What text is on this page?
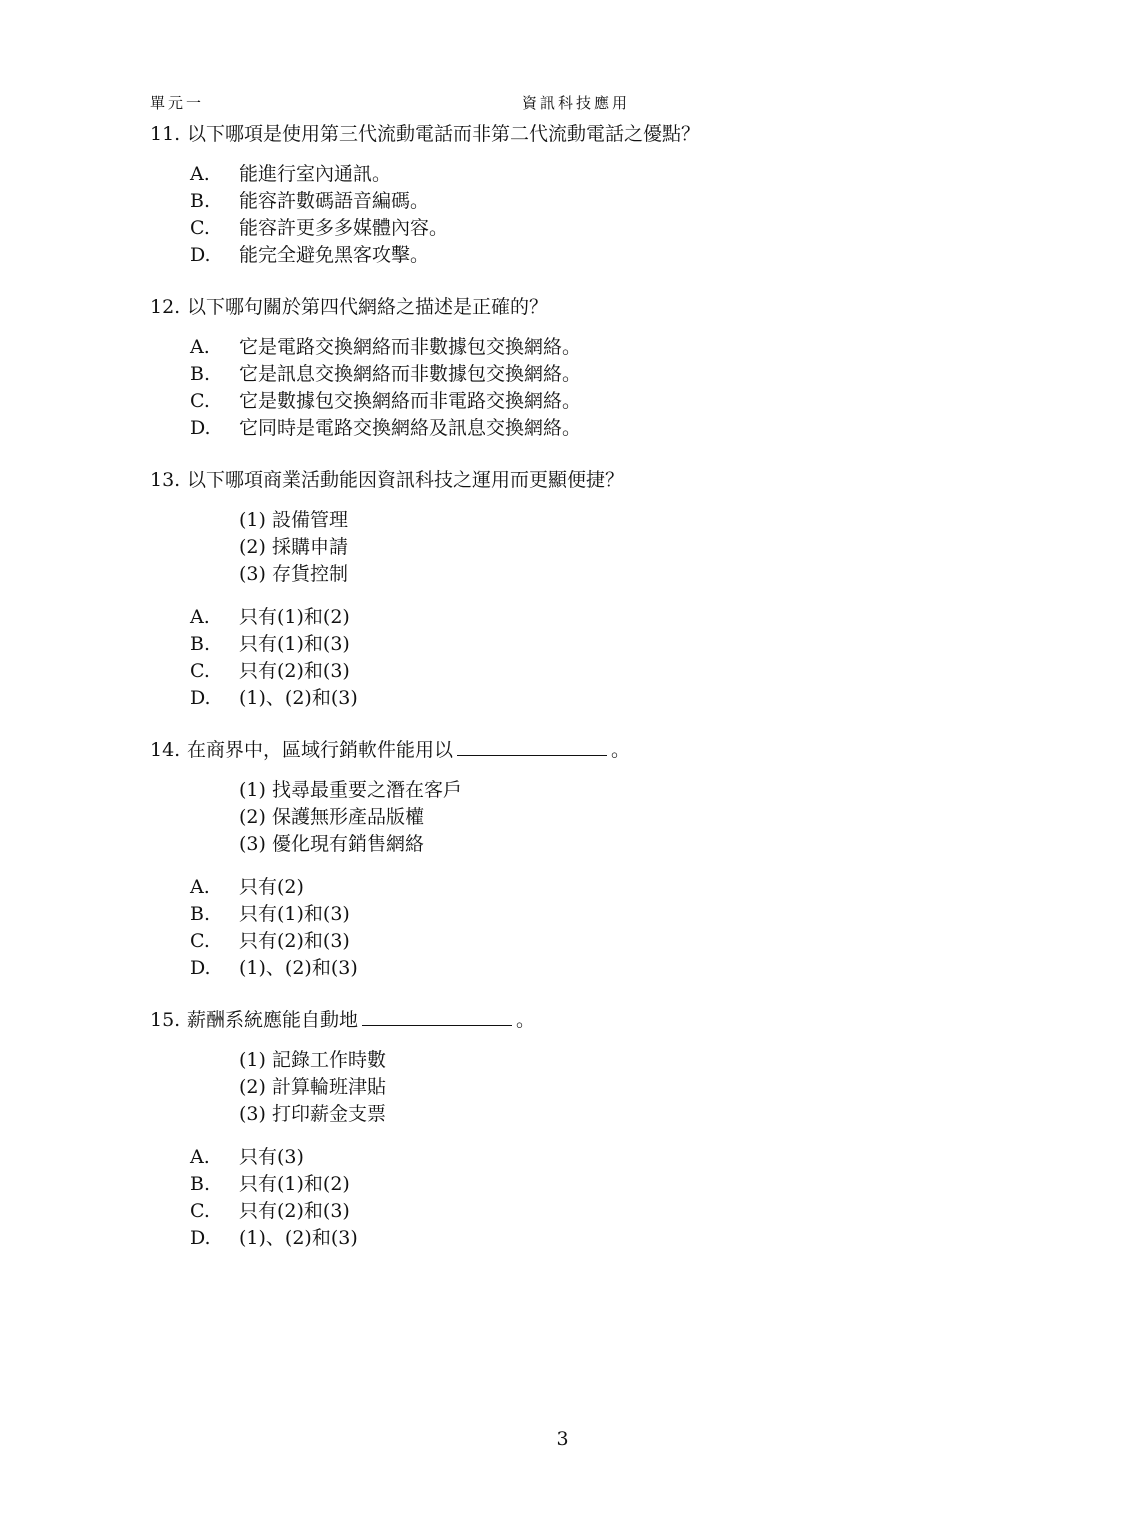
單元一	資訊科技應用
11. 以下哪項是使用第三代流動電話而非第二代流動電話之優點？
A. 能進行室內通訊。
B. 能容許數碼語音編碼。
C. 能容許更多多媒體內容。
D. 能完全避免黑客攻擊。
12. 以下哪句關於第四代網絡之描述是正確的？
A. 它是電路交換網絡而非數據包交換網絡。
B. 它是訊息交換網絡而非數據包交換網絡。
C. 它是數據包交換網絡而非電路交換網絡。
D. 它同時是電路交換網絡及訊息交換網絡。
13. 以下哪項商業活動能因資訊科技之運用而更顯便捷？
(1) 設備管理
(2) 採購申請
(3) 存貨控制
A. 只有(1)和(2)
B. 只有(1)和(3)
C. 只有(2)和(3)
D. (1)、(2)和(3)
14. 在商界中，區域行銷軟件能用以	。
(1) 找尋最重要之潛在客戶
(2) 保護無形產品版權
(3) 優化現有銷售網絡
A. 只有(2)
B. 只有(1)和(3)
C. 只有(2)和(3)
D. (1)、(2)和(3)
15. 薪酬系統應能自動地	。
(1) 記錄工作時數
(2) 計算輪班津貼
(3) 打印薪金支票
A. 只有(3)
B. 只有(1)和(2)
C. 只有(2)和(3)
D. (1)、(2)和(3)
3
